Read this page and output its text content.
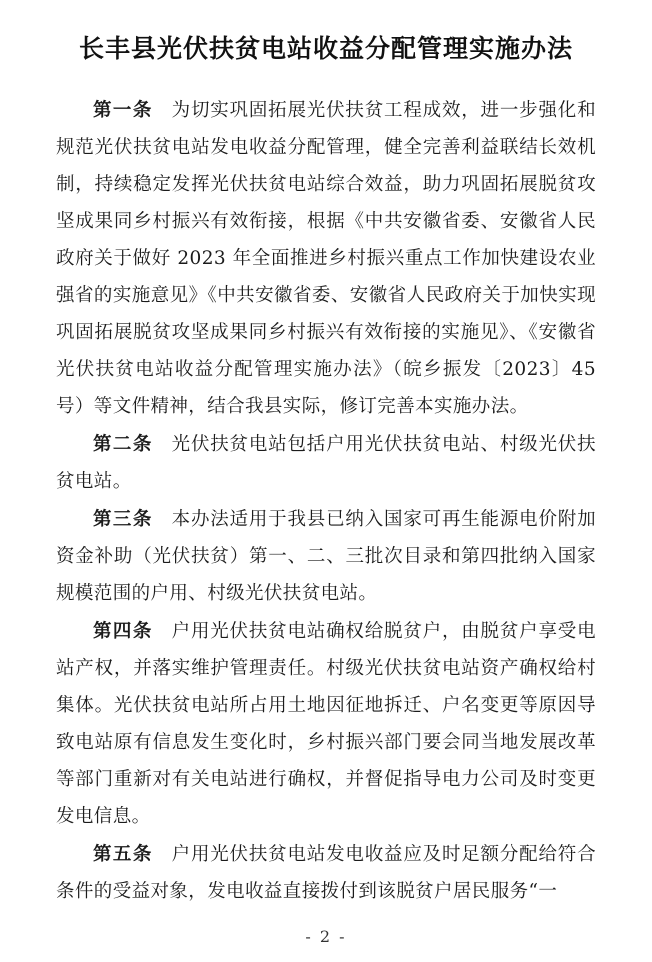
长丰县光伏扶贫电站收益分配管理实施办法

第一条 为切实巩固拓展光伏扶贫工程成效，进一步强化和规范光伏扶贫电站发电收益分配管理，健全完善利益联结长效机制，持续稳定发挥光伏扶贫电站综合效益，助力巩固拓展脱贫攻坚成果同乡村振兴有效衔接，根据《中共安徽省委、安徽省人民政府关于做好 2023 年全面推进乡村振兴重点工作加快建设农业强省的实施意见》《中共安徽省委、安徽省人民政府关于加快实现巩固拓展脱贫攻坚成果同乡村振兴有效衔接的实施见》、《安徽省光伏扶贫电站收益分配管理实施办法》（皖乡振发〔2023〕45号）等文件精神，结合我县实际，修订完善本实施办法。

第二条 光伏扶贫电站包括户用光伏扶贫电站、村级光伏扶贫电站。

第三条 本办法适用于我县已纳入国家可再生能源电价附加资金补助（光伏扶贫）第一、二、三批次目录和第四批纳入国家规模范围的户用、村级光伏扶贫电站。

第四条 户用光伏扶贫电站确权给脱贫户，由脱贫户享受电站产权，并落实维护管理责任。村级光伏扶贫电站资产确权给村集体。光伏扶贫电站所占用土地因征地拆迁、户名变更等原因导致电站原有信息发生变化时，乡村振兴部门要会同当地发展改革等部门重新对有关电站进行确权，并督促指导电力公司及时变更发电信息。

第五条 户用光伏扶贫电站发电收益应及时足额分配给符合条件的受益对象，发电收益直接拨付到该脱贫户居民服务“一

- 2 -
